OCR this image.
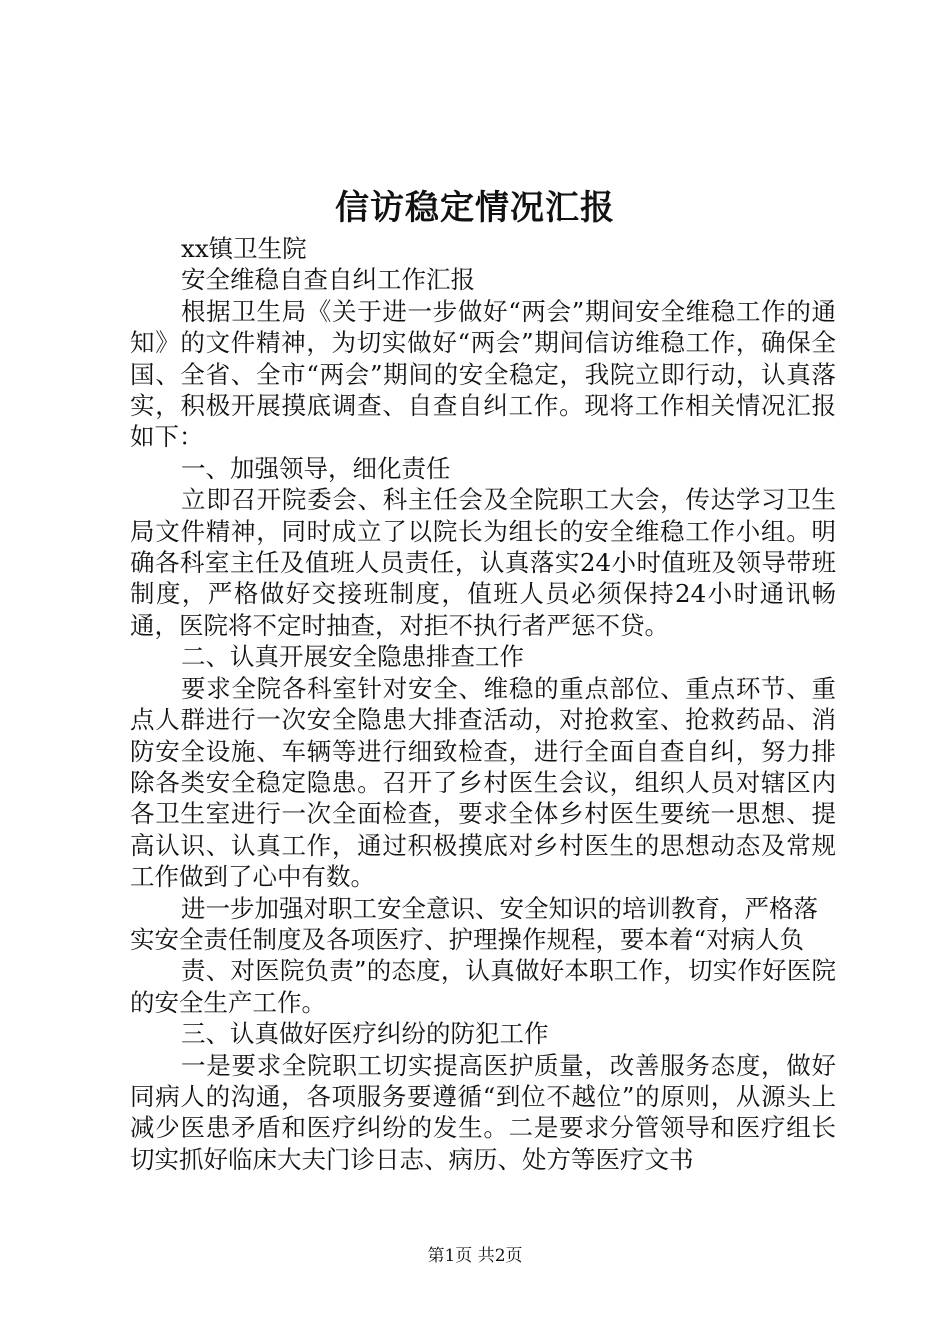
信访稳定情况汇报

xx镇卫生院

安全维稳自查自纠工作汇报

根据卫生局《关于进一步做好“两会”期间安全维稳工作的通知》的文件精神，为切实做好“两会”期间信访维稳工作，确保全国、全省、全市“两会”期间的安全稳定，我院立即行动，认真落实，积极开展摸底调查、自查自纠工作。现将工作相关情况汇报如下：

一、加强领导，细化责任

立即召开院委会、科主任会及全院职工大会，传达学习卫生局文件精神，同时成立了以院长为组长的安全维稳工作小组。明确各科室主任及值班人员责任，认真落实24小时值班及领导带班制度，严格做好交接班制度，值班人员必须保持24小时通讯畅通，医院将不定时抽查，对拒不执行者严惩不贷。

二、认真开展安全隐患排查工作

要求全院各科室针对安全、维稳的重点部位、重点环节、重点人群进行一次安全隐患大排查活动，对抢救室、抢救药品、消防安全设施、车辆等进行细致检查，进行全面自查自纠，努力排除各类安全稳定隐患。召开了乡村医生会议，组织人员对辖区内各卫生室进行一次全面检查，要求全体乡村医生要统一思想、提高认识、认真工作，通过积极摸底对乡村医生的思想动态及常规工作做到了心中有数。

进一步加强对职工安全意识、安全知识的培训教育，严格落实安全责任制度及各项医疗、护理操作规程，要本着“对病人负

责、对医院负责”的态度，认真做好本职工作，切实作好医院的安全生产工作。

三、认真做好医疗纠纷的防犯工作

一是要求全院职工切实提高医护质量，改善服务态度，做好同病人的沟通，各项服务要遵循“到位不越位”的原则，从源头上减少医患矛盾和医疗纠纷的发生。二是要求分管领导和医疗组长切实抓好临床大夫门诊日志、病历、处方等医疗文书

第1页 共2页
